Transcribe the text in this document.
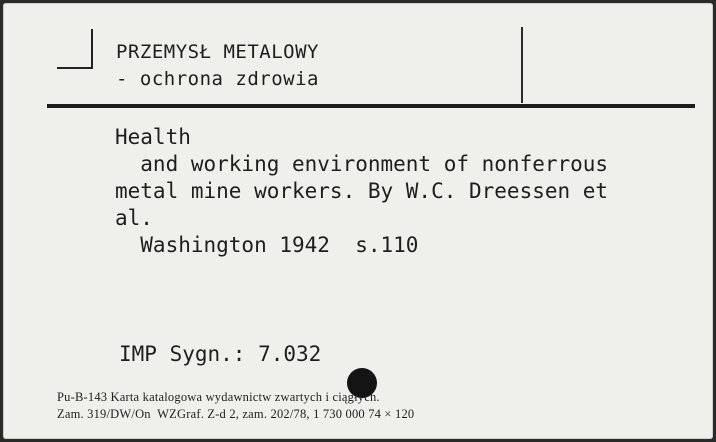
PRZEMYSŁ METALOWY
- ochrona zdrowia
Health
and working environment of nonferrous
metal mine workers. By W.C. Dreessen et
al.
Washington 1942  s.110
IMP Sygn.: 7.032
Pu-B-143 Karta katalogowa wydawnictw zwartych i ciągłych.
Zam. 319/DW/On  WZGraf. Z-d 2, zam. 202/78, 1 730 000 74 × 120
